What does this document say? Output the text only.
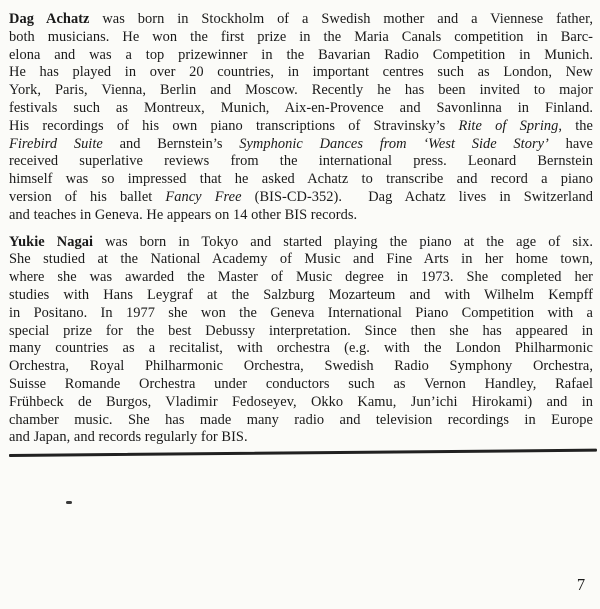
Dag Achatz was born in Stockholm of a Swedish mother and a Viennese father,
both musicians. He won the first prize in the Maria Canals competition in Barc-
elona and was a top prizewinner in the Bavarian Radio Competition in Munich.
He has played in over 20 countries, in important centres such as London, New
York, Paris, Vienna, Berlin and Moscow. Recently he has been invited to major
festivals such as Montreux, Munich, Aix-en-Provence and Savonlinna in Finland.
His recordings of his own piano transcriptions of Stravinsky’s Rite of Spring, the
Firebird Suite and Bernstein’s Symphonic Dances from ‘West Side Story’ have
received superlative reviews from the international press. Leonard Bernstein
himself was so impressed that he asked Achatz to transcribe and record a piano
version of his ballet Fancy Free (BIS-CD-352).  Dag Achatz lives in Switzerland
and teaches in Geneva. He appears on 14 other BIS records.
Yukie Nagai was born in Tokyo and started playing the piano at the age of six.
She studied at the National Academy of Music and Fine Arts in her home town,
where she was awarded the Master of Music degree in 1973. She completed her
studies with Hans Leygraf at the Salzburg Mozarteum and with Wilhelm Kempff
in Positano. In 1977 she won the Geneva International Piano Competition with a
special prize for the best Debussy interpretation. Since then she has appeared in
many countries as a recitalist, with orchestra (e.g. with the London Philharmonic
Orchestra, Royal Philharmonic Orchestra, Swedish Radio Symphony Orchestra,
Suisse Romande Orchestra under conductors such as Vernon Handley, Rafael
Frühbeck de Burgos, Vladimir Fedoseyev, Okko Kamu, Jun’ichi Hirokami) and in
chamber music. She has made many radio and television recordings in Europe
and Japan, and records regularly for BIS.
7
